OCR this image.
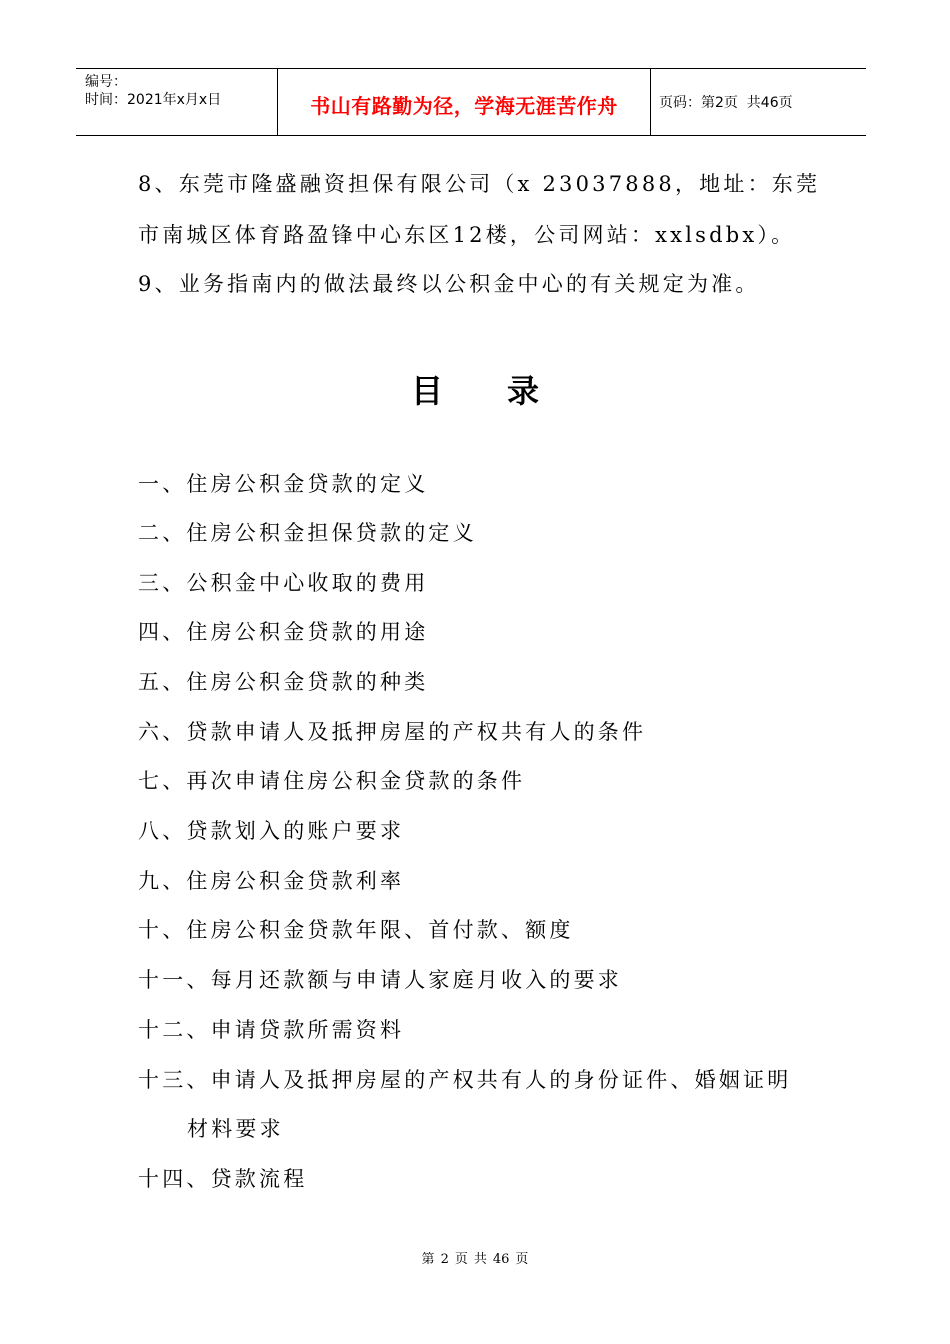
编号：
时间：2021年x月x日	书山有路勤为径，学海无涯苦作舟	页码：第2页  共46页
8、东莞市隆盛融资担保有限公司（x 23037888，地址：东莞
市南城区体育路盈锋中心东区12楼，公司网站：xxlsdbx）。
9、业务指南内的做法最终以公积金中心的有关规定为准。
目 录
一、住房公积金贷款的定义
二、住房公积金担保贷款的定义
三、公积金中心收取的费用
四、住房公积金贷款的用途
五、住房公积金贷款的种类
六、贷款申请人及抵押房屋的产权共有人的条件
七、再次申请住房公积金贷款的条件
八、贷款划入的账户要求
九、住房公积金贷款利率
十、住房公积金贷款年限、首付款、额度
十一、每月还款额与申请人家庭月收入的要求
十二、申请贷款所需资料
十三、申请人及抵押房屋的产权共有人的身份证件、婚姻证明
材料要求
十四、贷款流程
第 2 页 共 46 页
